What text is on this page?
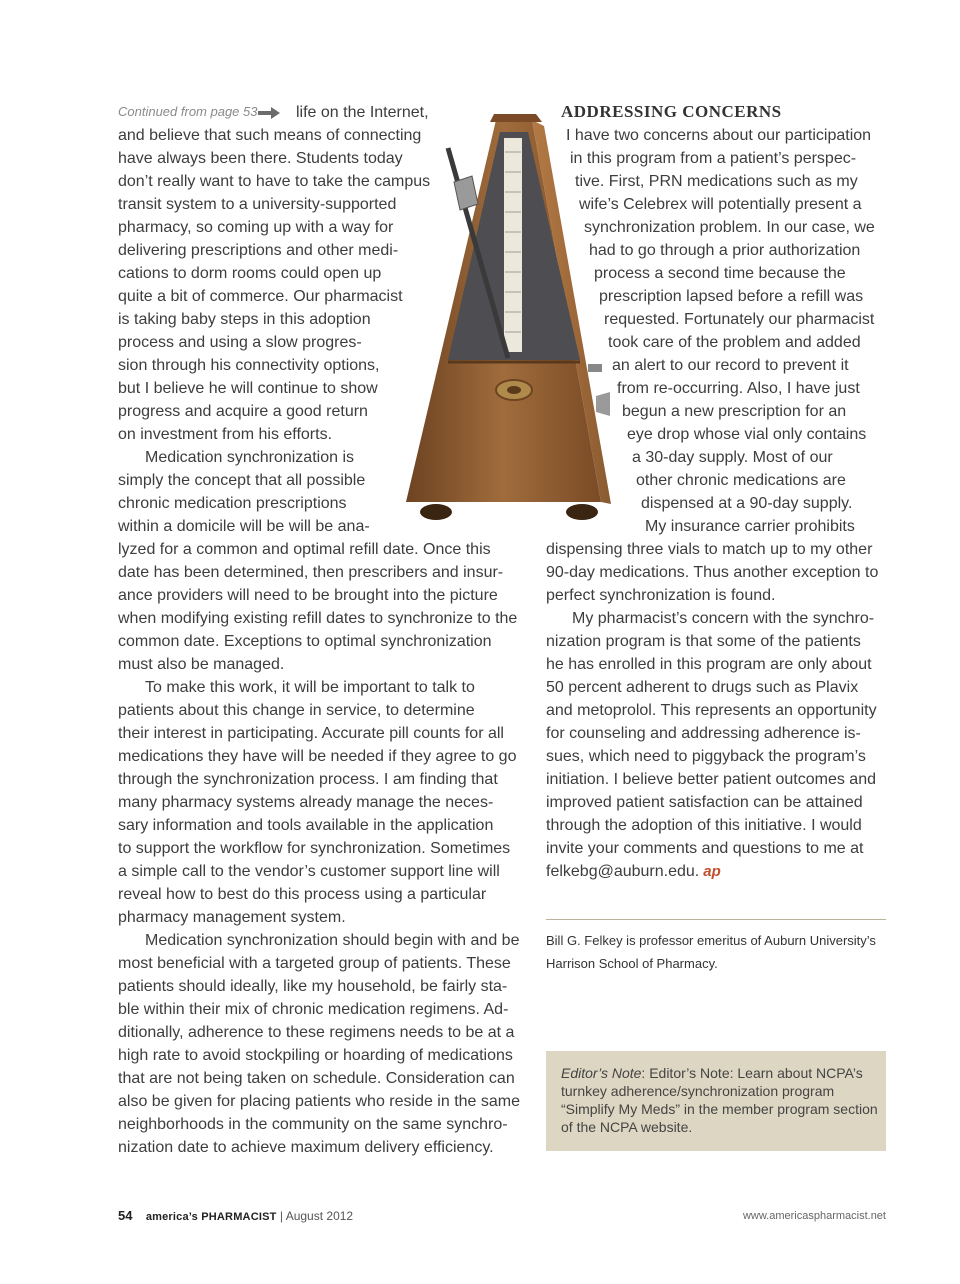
Continued from page 53 life on the Internet,
and believe that such means of connecting
have always been there. Students today
don’t really want to have to take the campus
transit system to a university-supported
pharmacy, so coming up with a way for
delivering prescriptions and other medi-
cations to dorm rooms could open up
quite a bit of commerce. Our pharmacist
is taking baby steps in this adoption
process and using a slow progres-
sion through his connectivity options,
but I believe he will continue to show
progress and acquire a good return
on investment from his efforts.
Medication synchronization is
simply the concept that all possible
chronic medication prescriptions
within a domicile will be will be ana-
lyzed for a common and optimal refill date. Once this
date has been determined, then prescribers and insur-
ance providers will need to be brought into the picture
when modifying existing refill dates to synchronize to the
common date. Exceptions to optimal synchronization
must also be managed.
To make this work, it will be important to talk to
patients about this change in service, to determine
their interest in participating. Accurate pill counts for all
medications they have will be needed if they agree to go
through the synchronization process. I am finding that
many pharmacy systems already manage the neces-
sary information and tools available in the application
to support the workflow for synchronization. Sometimes
a simple call to the vendor’s customer support line will
reveal how to best do this process using a particular
pharmacy management system.
Medication synchronization should begin with and be
most beneficial with a targeted group of patients. These
patients should ideally, like my household, be fairly sta-
ble within their mix of chronic medication regimens. Ad-
ditionally, adherence to these regimens needs to be at a
high rate to avoid stockpiling or hoarding of medications
that are not being taken on schedule. Consideration can
also be given for placing patients who reside in the same
neighborhoods in the community on the same synchro-
nization date to achieve maximum delivery efficiency.
ADDRESSING CONCERNS
I have two concerns about our participation
in this program from a patient’s perspec-
tive. First, PRN medications such as my
wife’s Celebrex will potentially present a
synchronization problem. In our case, we
had to go through a prior authorization
process a second time because the
prescription lapsed before a refill was
requested. Fortunately our pharmacist
took care of the problem and added
an alert to our record to prevent it
from re-occurring. Also, I have just
begun a new prescription for an
eye drop whose vial only contains
a 30-day supply. Most of our
other chronic medications are
dispensed at a 90-day supply.
My insurance carrier prohibits
dispensing three vials to match up to my other
90-day medications. Thus another exception to
perfect synchronization is found.
My pharmacist’s concern with the synchro-
nization program is that some of the patients
he has enrolled in this program are only about
50 percent adherent to drugs such as Plavix
and metoprolol. This represents an opportunity
for counseling and addressing adherence is-
sues, which need to piggyback the program’s
initiation. I believe better patient outcomes and
improved patient satisfaction can be attained
through the adoption of this initiative. I would
invite your comments and questions to me at
felkebg@auburn.edu. ap
Bill G. Felkey is professor emeritus of Auburn University’s Harrison School of Pharmacy.
Editor’s Note: Editor’s Note: Learn about NCPA’s turnkey adherence/synchronization program “Simplify My Meds” in the member program section of the NCPA website.
54 america’s PHARMACIST | August 2012	www.americaspharmacist.net
